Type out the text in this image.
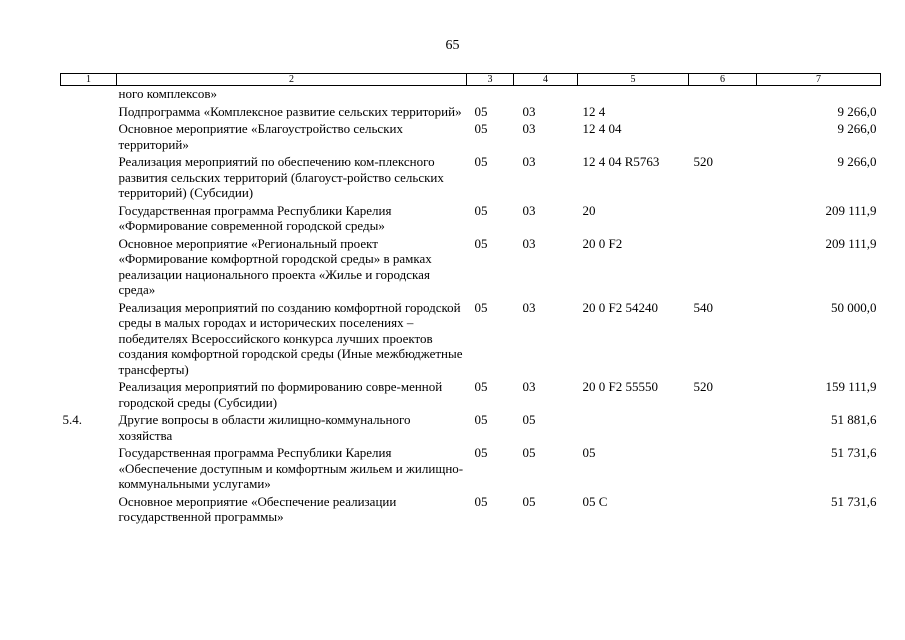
65
1	2	3	4	5	6	7
	ного комплексов»					
	Подпрограмма «Комплексное развитие сельских территорий»	05	03	12 4		9 266,0
	Основное мероприятие «Благоустройство сельских территорий»	05	03	12 4 04		9 266,0
	Реализация мероприятий по обеспечению ком-плексного развития сельских территорий (благоуст-ройство сельских территорий) (Субсидии)	05	03	12 4 04 R5763	520	9 266,0
	Государственная программа Республики Карелия «Формирование современной городской среды»	05	03	20		209 111,9
	Основное мероприятие «Региональный проект «Формирование комфортной городской среды» в рамках реализации национального проекта «Жилье и городская среда»	05	03	20 0 F2		209 111,9
	Реализация мероприятий по созданию комфортной городской среды в малых городах и исторических поселениях – победителях Всероссийского конкурса лучших проектов создания комфортной городской среды (Иные межбюджетные трансферты)	05	03	20 0 F2 54240	540	50 000,0
	Реализация мероприятий по формированию совре-менной городской среды (Субсидии)	05	03	20 0 F2 55550	520	159 111,9
5.4.	Другие вопросы в области жилищно-коммунального хозяйства	05	05			51 881,6
	Государственная программа Республики Карелия «Обеспечение доступным и комфортным жильем и жилищно-коммунальными услугами»	05	05	05		51 731,6
	Основное мероприятие «Обеспечение реализации государственной программы»	05	05	05 С		51 731,6
